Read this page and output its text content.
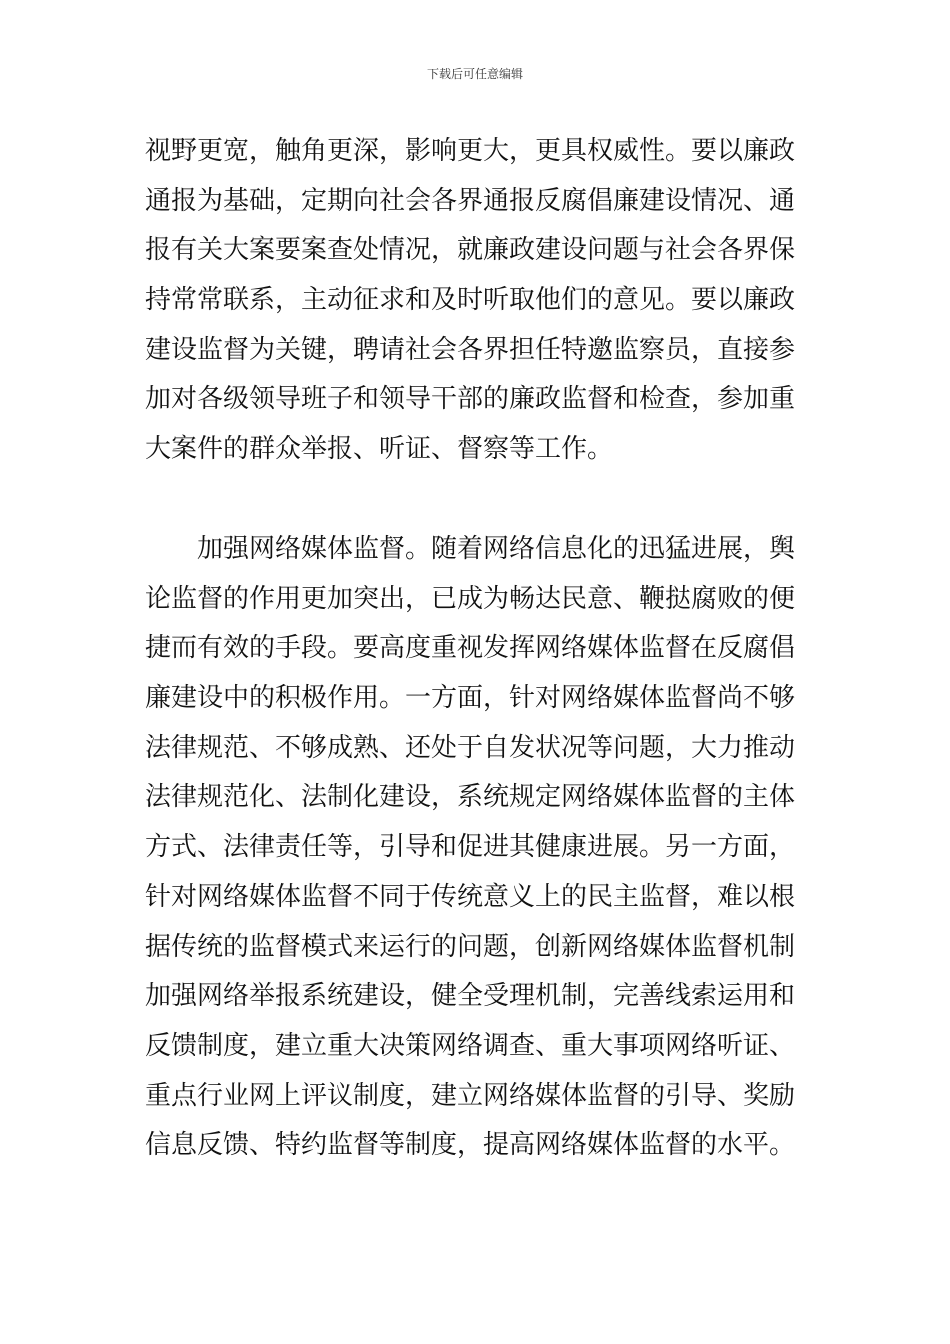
下载后可任意编辑
视野更宽，触角更深，影响更大，更具权威性。要以廉政
通报为基础，定期向社会各界通报反腐倡廉建设情况、通
报有关大案要案查处情况，就廉政建设问题与社会各界保
持常常联系，主动征求和及时听取他们的意见。要以廉政
建设监督为关键，聘请社会各界担任特邀监察员，直接参
加对各级领导班子和领导干部的廉政监督和检查，参加重
大案件的群众举报、听证、督察等工作。
　　加强网络媒体监督。随着网络信息化的迅猛进展，舆
论监督的作用更加突出，已成为畅达民意、鞭挞腐败的便
捷而有效的手段。要高度重视发挥网络媒体监督在反腐倡
廉建设中的积极作用。一方面，针对网络媒体监督尚不够
法律规范、不够成熟、还处于自发状况等问题，大力推动
法律规范化、法制化建设，系统规定网络媒体监督的主体
方式、法律责任等，引导和促进其健康进展。另一方面，
针对网络媒体监督不同于传统意义上的民主监督，难以根
据传统的监督模式来运行的问题，创新网络媒体监督机制
加强网络举报系统建设，健全受理机制，完善线索运用和
反馈制度，建立重大决策网络调查、重大事项网络听证、
重点行业网上评议制度，建立网络媒体监督的引导、奖励
信息反馈、特约监督等制度，提高网络媒体监督的水平。
